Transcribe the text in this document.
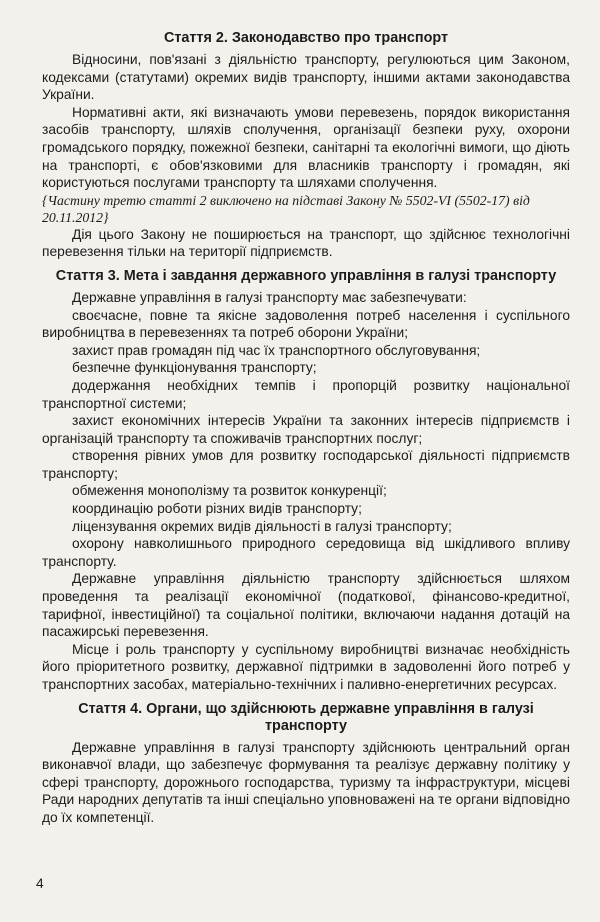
Стаття 2. Законодавство про транспорт

Відносини, пов'язані з діяльністю транспорту, регулюються цим Законом, кодексами (статутами) окремих видів транспорту, іншими актами законодавства України.

Нормативні акти, які визначають умови перевезень, порядок використання засобів транспорту, шляхів сполучення, організації безпеки руху, охорони громадського порядку, пожежної безпеки, санітарні та екологічні вимоги, що діють на транспорті, є обов'язковими для власників транспорту і громадян, які користуються послугами транспорту та шляхами сполучення.

{Частину третю статті 2 виключено на підставі Закону № 5502-VI (5502-17) від 20.11.2012}

Дія цього Закону не поширюється на транспорт, що здійснює технологічні перевезення тільки на території підприємств.

Стаття 3. Мета і завдання державного управління в галузі транспорту

Державне управління в галузі транспорту має забезпечувати:

своєчасне, повне та якісне задоволення потреб населення і суспільного виробництва в перевезеннях та потреб оборони України;

захист прав громадян під час їх транспортного обслуговування;

безпечне функціонування транспорту;

додержання необхідних темпів і пропорцій розвитку національної транспортної системи;

захист економічних інтересів України та законних інтересів підприємств і організацій транспорту та споживачів транспортних послуг;

створення рівних умов для розвитку господарської діяльності підприємств транспорту;

обмеження монополізму та розвиток конкуренції;

координацію роботи різних видів транспорту;

ліцензування окремих видів діяльності в галузі транспорту;

охорону навколишнього природного середовища від шкідливого впливу транспорту.

Державне управління діяльністю транспорту здійснюється шляхом проведення та реалізації економічної (податкової, фінансово-кредитної, тарифної, інвестиційної) та соціальної політики, включаючи надання дотацій на пасажирські перевезення.

Місце і роль транспорту у суспільному виробництві визначає необхідність його пріоритетного розвитку, державної підтримки в задоволенні його потреб у транспортних засобах, матеріально-технічних і паливно-енергетичних ресурсах.

Стаття 4. Органи, що здійснюють державне управління в галузі транспорту

Державне управління в галузі транспорту здійснюють центральний орган виконавчої влади, що забезпечує формування та реалізує державну політику у сфері транспорту, дорожнього господарства, туризму та інфраструктури, місцеві Ради народних депутатів та інші спеціально уповноважені на те органи відповідно до їх компетенції.

4
